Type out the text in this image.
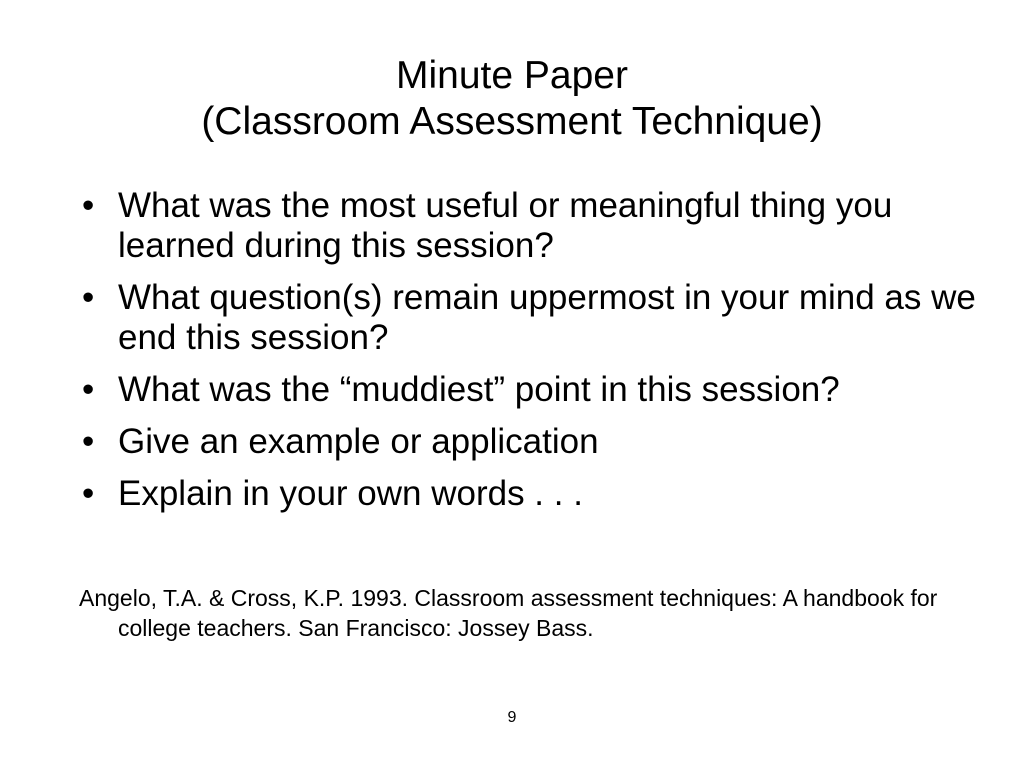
Minute Paper
(Classroom Assessment Technique)
• What was the most useful or meaningful thing you learned during this session?
• What question(s) remain uppermost in your mind as we end this session?
• What was the “muddiest” point in this session?
• Give an example or application
• Explain in your own words . . .
Angelo, T.A. & Cross, K.P. 1993. Classroom assessment techniques: A handbook for college teachers. San Francisco: Jossey Bass.
9
